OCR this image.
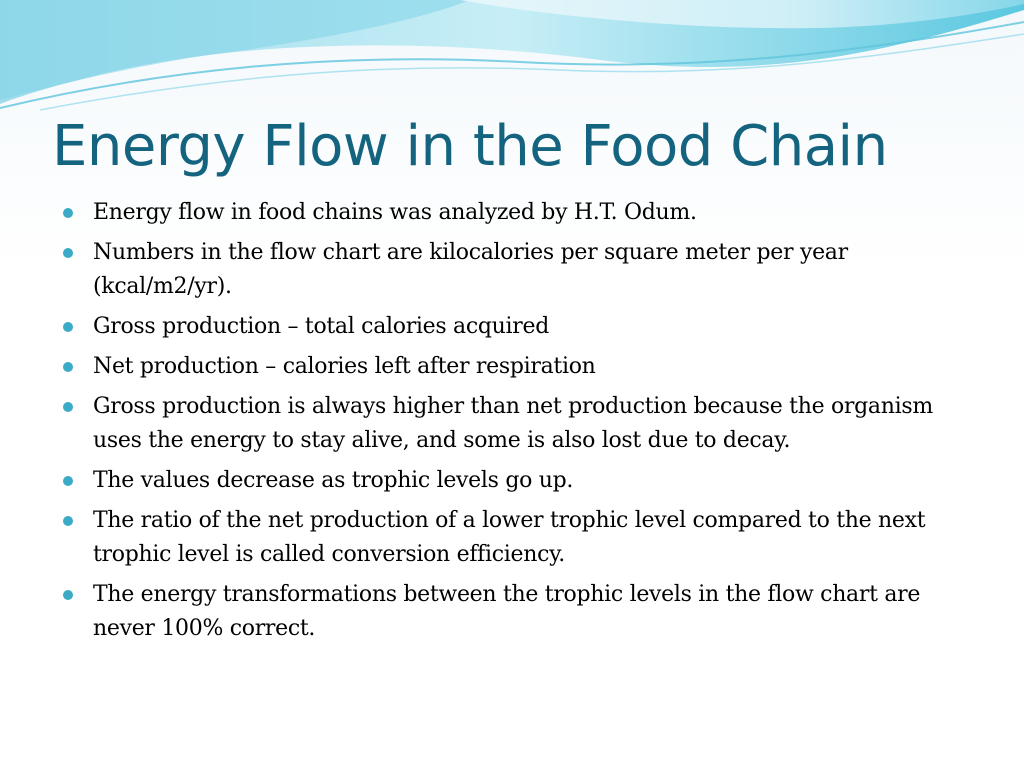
Energy Flow in the Food Chain
Energy flow in food chains was analyzed by H.T. Odum.
Numbers in the flow chart are kilocalories per square meter per year (kcal/m2/yr).
Gross production – total calories acquired
Net production – calories left after respiration
Gross production is always higher than net production because the organism uses the energy to stay alive, and some is also lost due to decay.
The values decrease as trophic levels go up.
The ratio of the net production of a lower trophic level compared to the next trophic level is called conversion efficiency.
The energy transformations between the trophic levels in the flow chart are never 100% correct.
